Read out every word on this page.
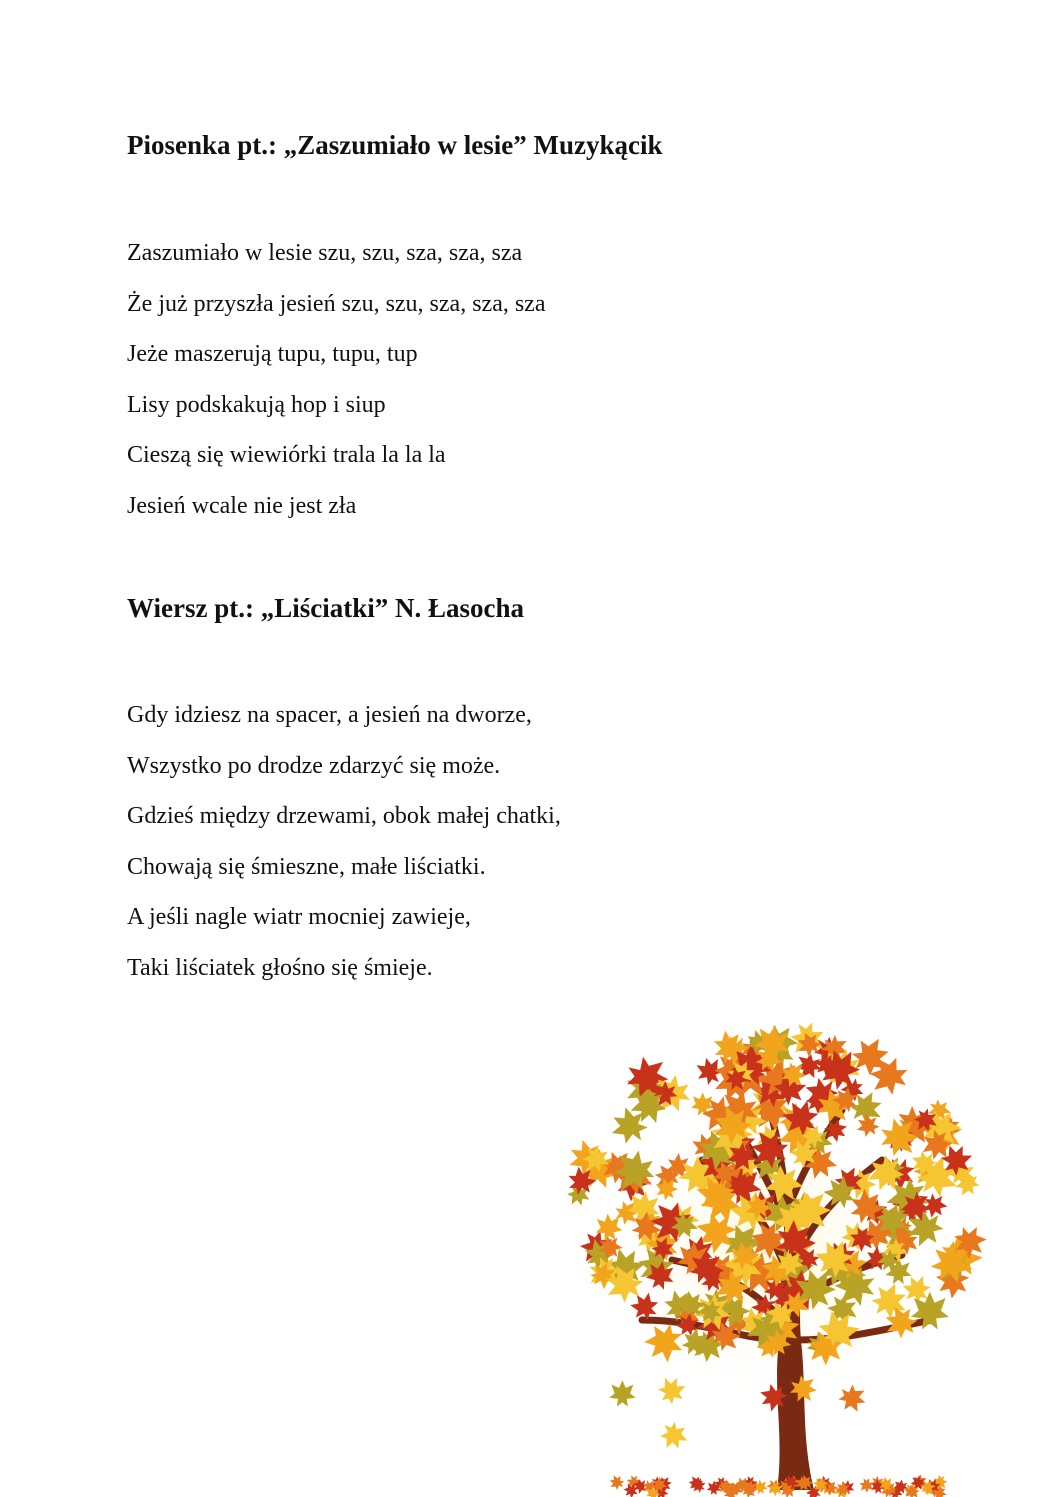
Piosenka pt.: „Zaszumiało w lesie” Muzykącik
Zaszumiało w lesie szu, szu, sza, sza, sza
Że już przyszła jesień szu, szu, sza, sza, sza
Jeże maszerują tupu, tupu, tup
Lisy podskakują hop i siup
Cieszą się wiewiórki trala la la la
Jesień wcale nie jest zła
Wiersz pt.: „Liściatki” N. Łasocha
Gdy idziesz na spacer, a jesień na dworze,
Wszystko po drodze zdarzyć się może.
Gdzieś między drzewami, obok małej chatki,
Chowają się śmieszne, małe liściatki.
A jeśli nagle wiatr mocniej zawieje,
Taki liściatek głośno się śmieje.
